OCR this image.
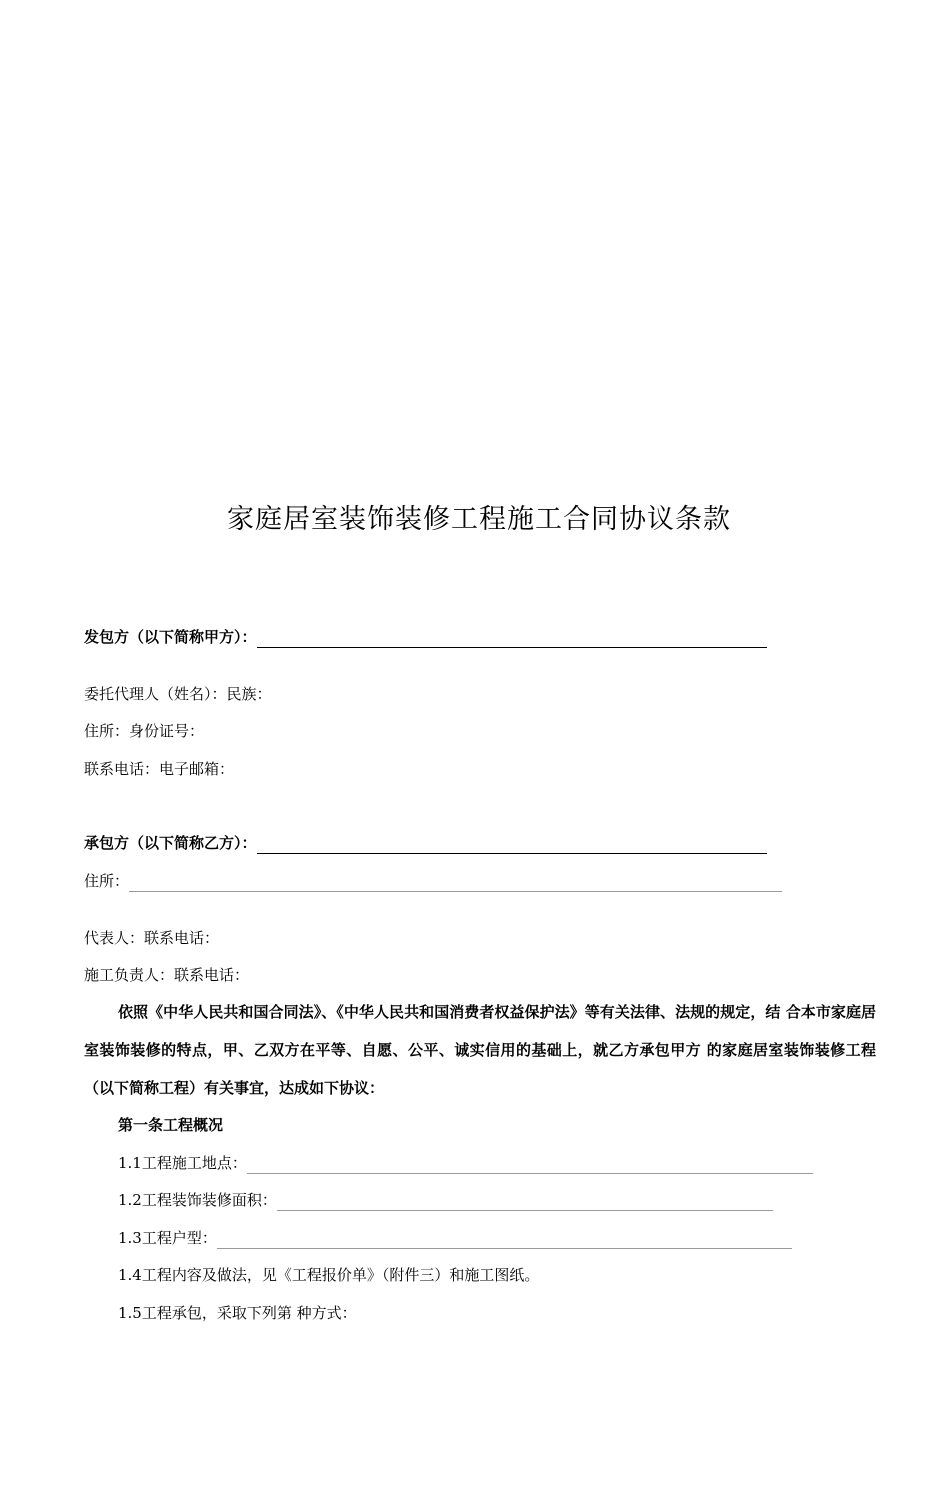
家庭居室装饰装修工程施工合同协议条款
发包方（以下简称甲方）：
委托代理人（姓名）：民族：
住所：身份证号：
联系电话：电子邮箱：
承包方（以下简称乙方）：
住所：
代表人：联系电话：
施工负责人：联系电话：
依照《中华人民共和国合同法》、《中华人民共和国消费者权益保护法》等有关法律、法规的规定，结 合本市家庭居室装饰装修的特点，甲、乙双方在平等、自愿、公平、诚实信用的基础上，就乙方承包甲方 的家庭居室装饰装修工程（以下简称工程）有关事宜，达成如下协议：
第一条工程概况
1.1工程施工地点：
1.2工程装饰装修面积：
1.3工程户型：
1.4工程内容及做法，见《工程报价单》（附件三）和施工图纸。
1.5工程承包，采取下列第 种方式：
